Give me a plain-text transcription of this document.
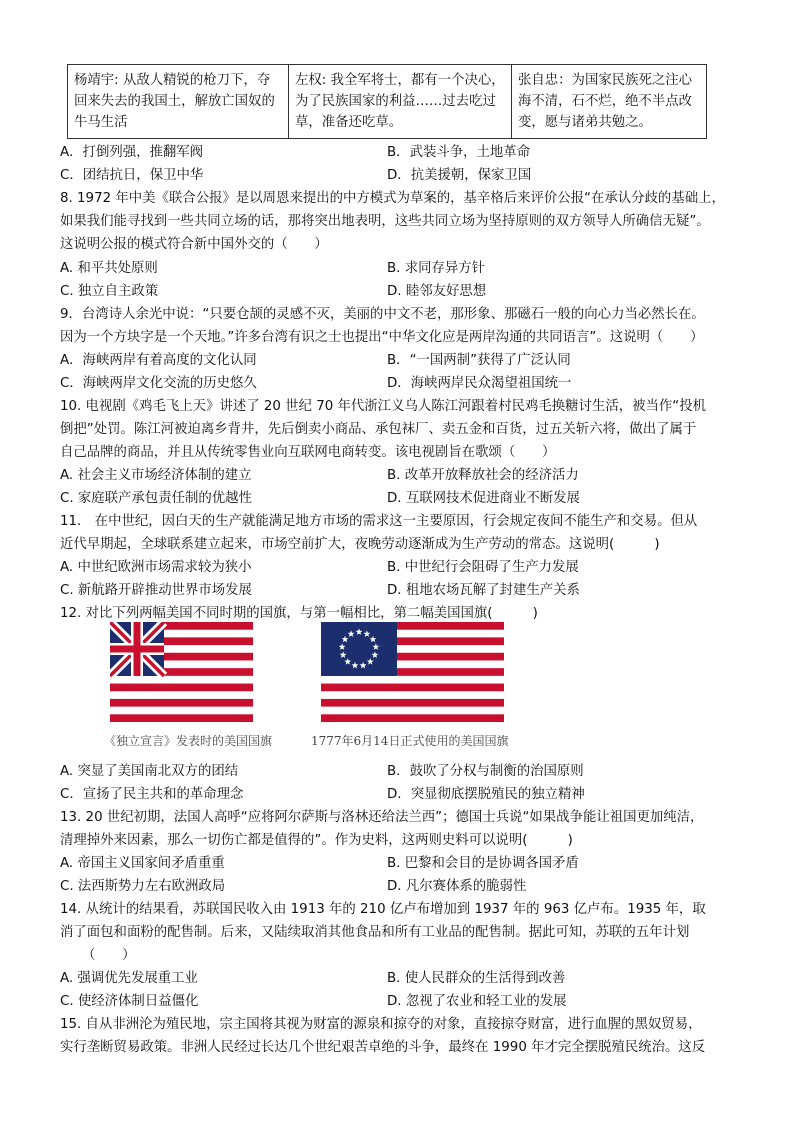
杨靖宇: 从敌人精锐的枪刀下，夺回来失去的我国土，解放亡国奴的牛马生活	左权: 我全军将士，都有一个决心，为了民族国家的利益……过去吃过草，准备还吃草。	张自忠：为国家民族死之注心海不清，石不烂，绝不半点改变，愿与诸弟共勉之。
A．打倒列强，推翻军阀	B．武装斗争，土地革命
C．团结抗日，保卫中华	D．抗美援朝，保家卫国
8. 1972 年中美《联合公报》是以周恩来提出的中方模式为草案的，基辛格后来评价公报“在承认分歧的基础上，
如果我们能寻找到一些共同立场的话，那将突出地表明，这些共同立场为坚持原则的双方领导人所确信无疑”。
这说明公报的模式符合新中国外交的（　　）
A. 和平共处原则	B. 求同存异方针
C. 独立自主政策	D. 睦邻友好思想
9．台湾诗人余光中说：“只要仓颉的灵感不灭，美丽的中文不老，那形象、那磁石一般的向心力当必然长在。
因为一个方块字是一个天地。”许多台湾有识之士也提出“中华文化应是两岸沟通的共同语言”。这说明（　　）
A．海峡两岸有着高度的文化认同	B．“一国两制”获得了广泛认同
C．海峡两岸文化交流的历史悠久	D．海峡两岸民众渴望祖国统一
10. 电视剧《鸡毛飞上天》讲述了 20 世纪 70 年代浙江义乌人陈江河跟着村民鸡毛换糖讨生活，被当作“投机
倒把”处罚。陈江河被迫离乡背井，先后倒卖小商品、承包袜厂、卖五金和百货，过五关斩六将，做出了属于
自己品牌的商品，并且从传统零售业向互联网电商转变。该电视剧旨在歌颂（　　）
A. 社会主义市场经济体制的建立	B. 改革开放释放社会的经济活力
C. 家庭联产承包责任制的优越性	D. 互联网技术促进商业不断发展
11． 在中世纪，因白天的生产就能满足地方市场的需求这一主要原因，行会规定夜间不能生产和交易。但从
近代早期起，全球联系建立起来，市场空前扩大，夜晚劳动逐渐成为生产劳动的常态。这说明(　　　)
A. 中世纪欧洲市场需求较为狭小	B. 中世纪行会阻碍了生产力发展
C. 新航路开辟推动世界市场发展	D. 租地农场瓦解了封建生产关系
12. 对比下列两幅美国不同时期的国旗，与第一幅相比，第二幅美国国旗(　　　)
《独立宣言》发表时的美国国旗	1777年6月14日正式使用的美国国旗
A. 突显了美国南北双方的团结	B．鼓吹了分权与制衡的治国原则
C．宣扬了民主共和的革命理念	D．突显彻底摆脱殖民的独立精神
13. 20 世纪初期，法国人高呼“应将阿尔萨斯与洛林还给法兰西”；德国士兵说“如果战争能让祖国更加纯洁，
清理掉外来因素，那么一切伤亡都是值得的”。作为史料，这两则史料可以说明(　　　)
A. 帝国主义国家间矛盾重重	B. 巴黎和会目的是协调各国矛盾
C. 法西斯势力左右欧洲政局	D. 凡尔赛体系的脆弱性
14. 从统计的结果看，苏联国民收入由 1913 年的 210 亿卢布增加到 1937 年的 963 亿卢布。1935 年，取
消了面包和面粉的配售制。后来，又陆续取消其他食品和所有工业品的配售制。据此可知，苏联的五年计划
（　　）
A. 强调优先发展重工业	B. 使人民群众的生活得到改善
C. 使经济体制日益僵化	D. 忽视了农业和轻工业的发展
15. 自从非洲沦为殖民地，宗主国将其视为财富的源泉和掠夺的对象，直接掠夺财富，进行血腥的黑奴贸易，
实行垄断贸易政策。非洲人民经过长达几个世纪艰苦卓绝的斗争，最终在 1990 年才完全摆脱殖民统治。这反
